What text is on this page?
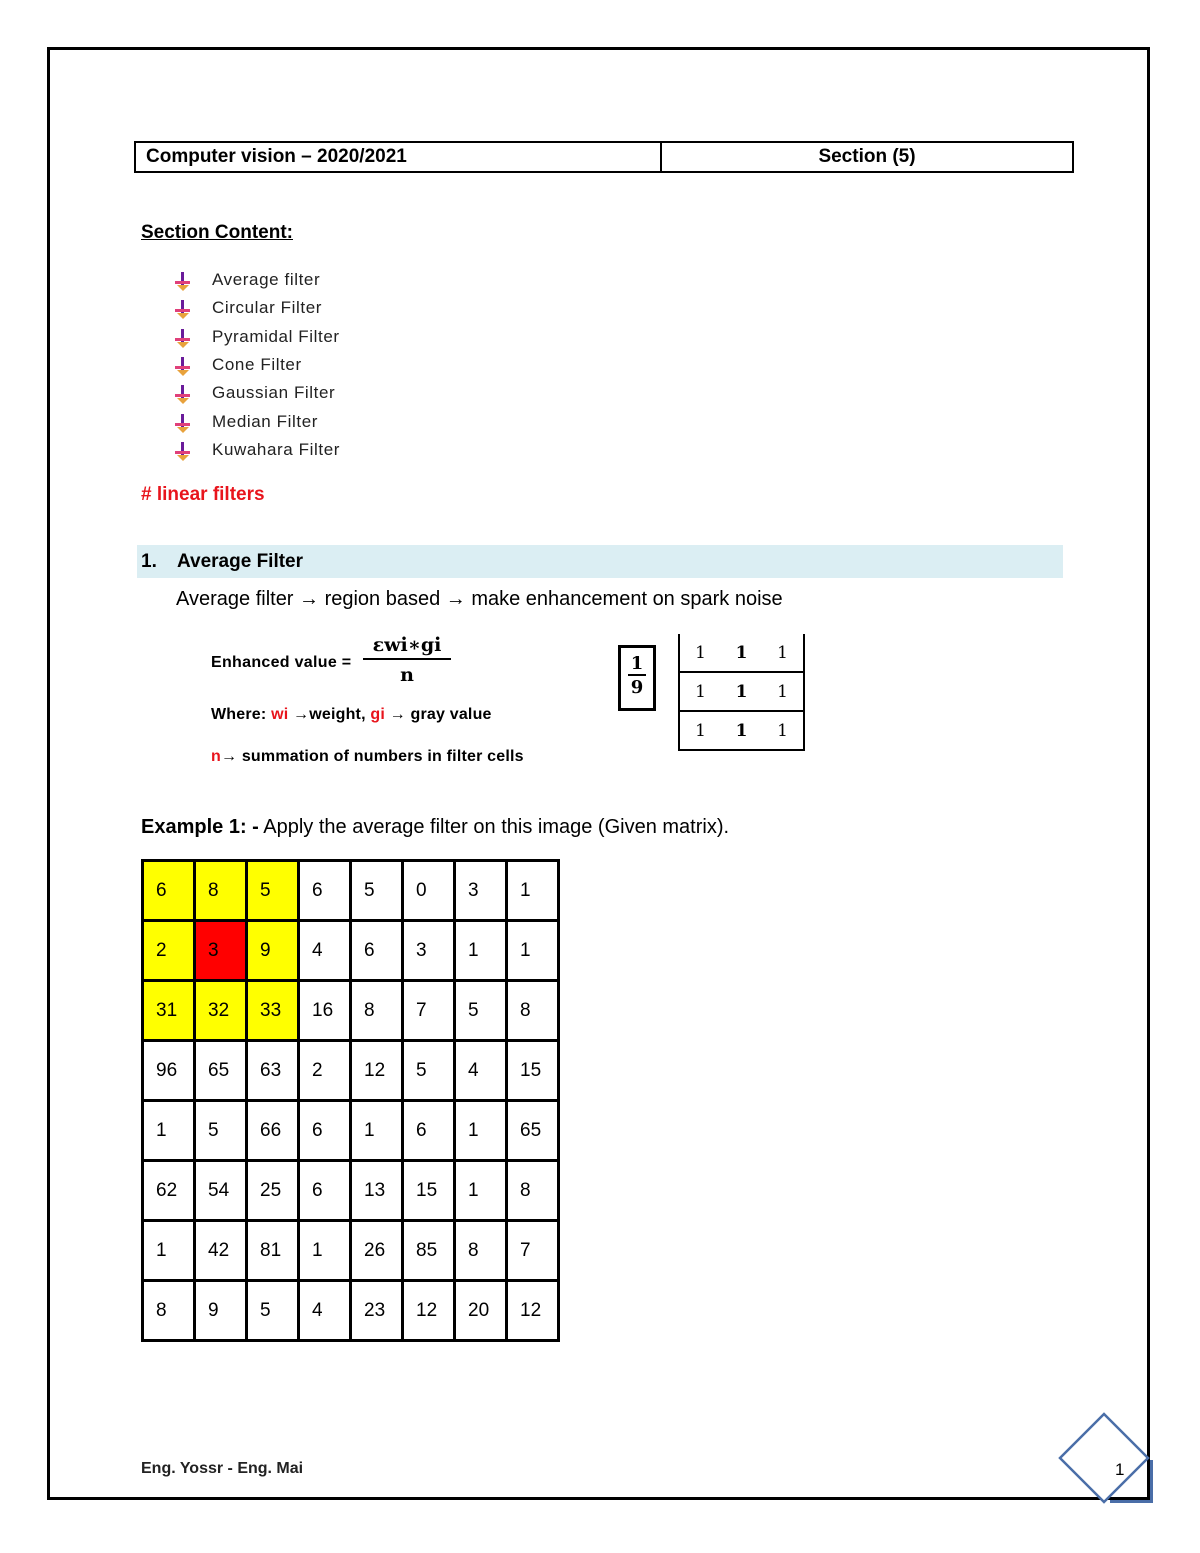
Computer vision – 2020/2021	Section (5)
Section Content:
Average filter
Circular Filter
Pyramidal Filter
Cone Filter
Gaussian Filter
Median Filter
Kuwahara Filter
# linear filters
1.	Average Filter
Average filter → region based → make enhancement on spark noise
Enhanced value =
ɛwi∗gi
n
Where: wi →weight, gi → gray value
n→ summation of numbers in filter cells
$\frac{1}{9} 1$	1	1
1	1	1
1	1	1
Example 1: - Apply the average filter on this image (Given matrix).
6	8	5	6	5	0	3	1
2	3	9	4	6	3	1	1
31	32	33	16	8	7	5	8
96	65	63	2	12	5	4	15
1	5	66	6	1	6	1	65
62	54	25	6	13	15	1	8
1	42	81	1	26	85	8	7
8	9	5	4	23	12	20	12
Eng. Yossr - Eng. Mai	1
